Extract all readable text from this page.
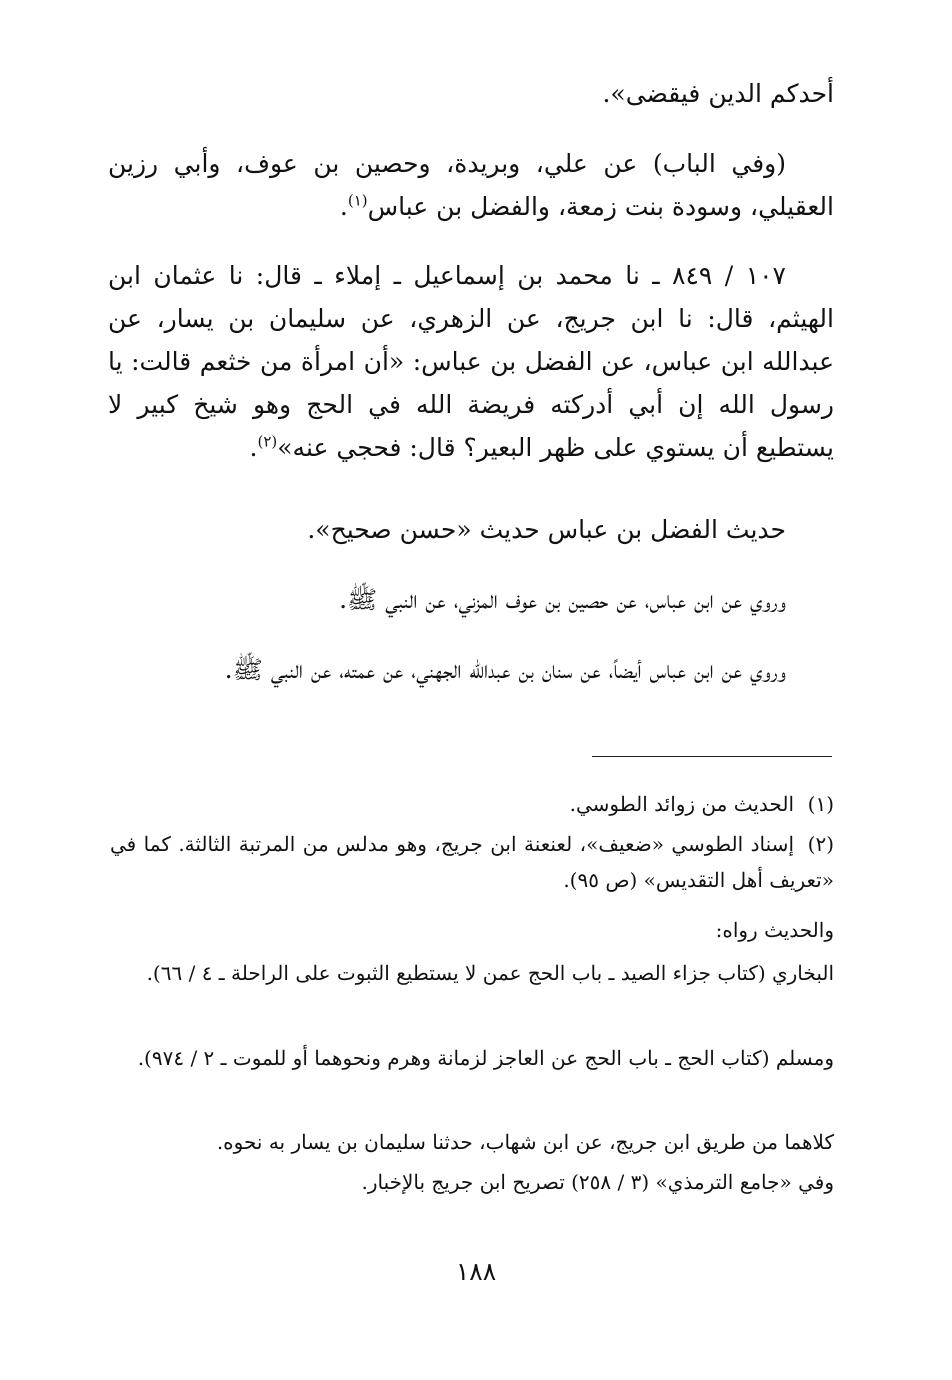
أحدكم الدين فيقضى».
(وفي الباب) عن علي، وبريدة، وحصين بن عوف، وأبي رزين العقيلي، وسودة بنت زمعة، والفضل بن عباس$^{(١)}$.
١٠٧ / ٨٤٩ ـ نا محمد بن إسماعيل ـ إملاء ـ قال: نا عثمان ابن الهيثم، قال: نا ابن جريج، عن الزهري، عن سليمان بن يسار، عن عبدالله ابن عباس، عن الفضل بن عباس: «أن امرأة من خثعم قالت: يا رسول الله إن أبي أدركته فريضة الله في الحج وهو شيخ كبير لا يستطيع أن يستوي على ظهر البعير؟ قال: فحجي عنه»$^{(٢)}$.
حديث الفضل بن عباس حديث «حسن صحيح».
وروي عن ابن عباس، عن حصين بن عوف المزني، عن النبي ﷺ.
وروي عن ابن عباس أيضاً، عن سنان بن عبدالله الجهني، عن عمته، عن النبي ﷺ.
(١)الحديث من زوائد الطوسي.
(٢)إسناد الطوسي «ضعيف»، لعنعنة ابن جريج، وهو مدلس من المرتبة الثالثة. كما في «تعريف أهل التقديس» (ص ٩٥).
والحديث رواه:
البخاري (كتاب جزاء الصيد ـ باب الحج عمن لا يستطيع الثبوت على الراحلة ـ ٤ / ٦٦).
ومسلم (كتاب الحج ـ باب الحج عن العاجز لزمانة وهرم ونحوهما أو للموت ـ ٢ / ٩٧٤).
كلاهما من طريق ابن جريج، عن ابن شهاب، حدثنا سليمان بن يسار به نحوه.
وفي «جامع الترمذي» (٣ / ٢٥٨) تصريح ابن جريج بالإخبار.
١٨٨
